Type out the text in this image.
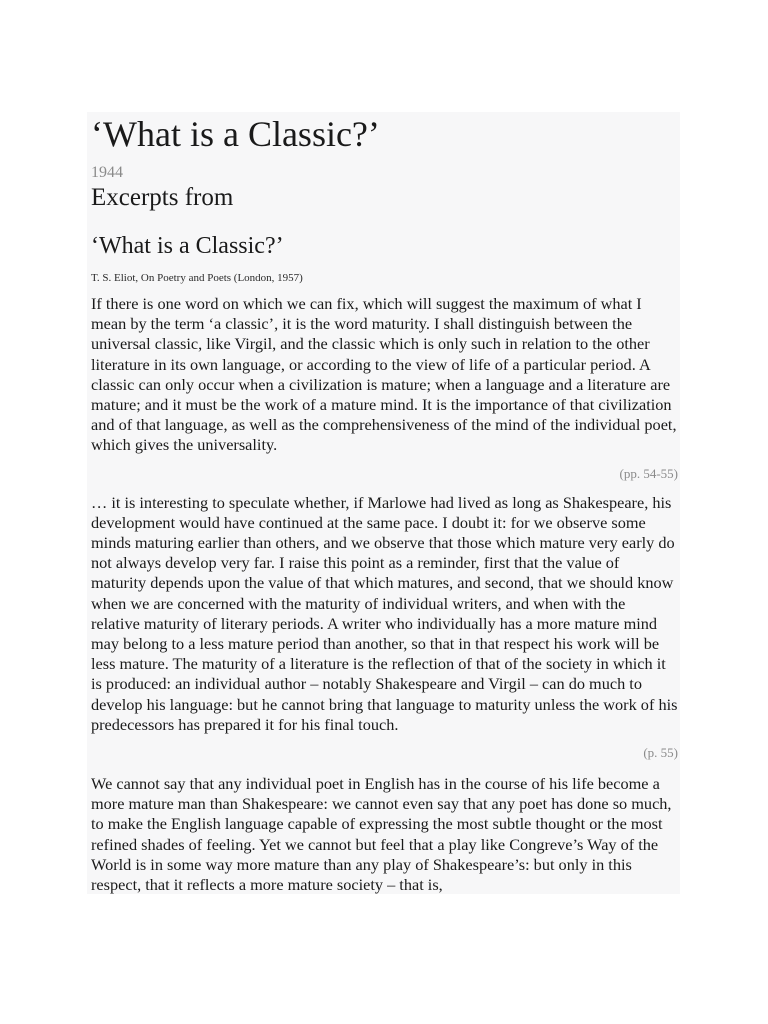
‘What is a Classic?’
1944
Excerpts from
‘What is a Classic?’
T. S. Eliot, On Poetry and Poets (London, 1957)

If there is one word on which we can fix, which will suggest the maximum of what I mean by the term ‘a classic’, it is the word maturity. I shall distinguish between the universal classic, like Virgil, and the classic which is only such in relation to the other literature in its own language, or according to the view of life of a particular period. A classic can only occur when a civilization is mature; when a language and a literature are mature; and it must be the work of a mature mind. It is the importance of that civilization and of that language, as well as the comprehensiveness of the mind of the individual poet, which gives the universality.

(pp. 54-55)

… it is interesting to speculate whether, if Marlowe had lived as long as Shakespeare, his development would have continued at the same pace. I doubt it: for we observe some minds maturing earlier than others, and we observe that those which mature very early do not always develop very far. I raise this point as a reminder, first that the value of maturity depends upon the value of that which matures, and second, that we should know when we are concerned with the maturity of individual writers, and when with the relative maturity of literary periods. A writer who individually has a more mature mind may belong to a less mature period than another, so that in that respect his work will be less mature. The maturity of a literature is the reflection of that of the society in which it is produced: an individual author – notably Shakespeare and Virgil – can do much to develop his language: but he cannot bring that language to maturity unless the work of his predecessors has prepared it for his final touch.

(p. 55)

We cannot say that any individual poet in English has in the course of his life become a more mature man than Shakespeare: we cannot even say that any poet has done so much, to make the English language capable of expressing the most subtle thought or the most refined shades of feeling. Yet we cannot but feel that a play like Congreve’s Way of the World is in some way more mature than any play of Shakespeare’s: but only in this respect, that it reflects a more mature society – that is,
